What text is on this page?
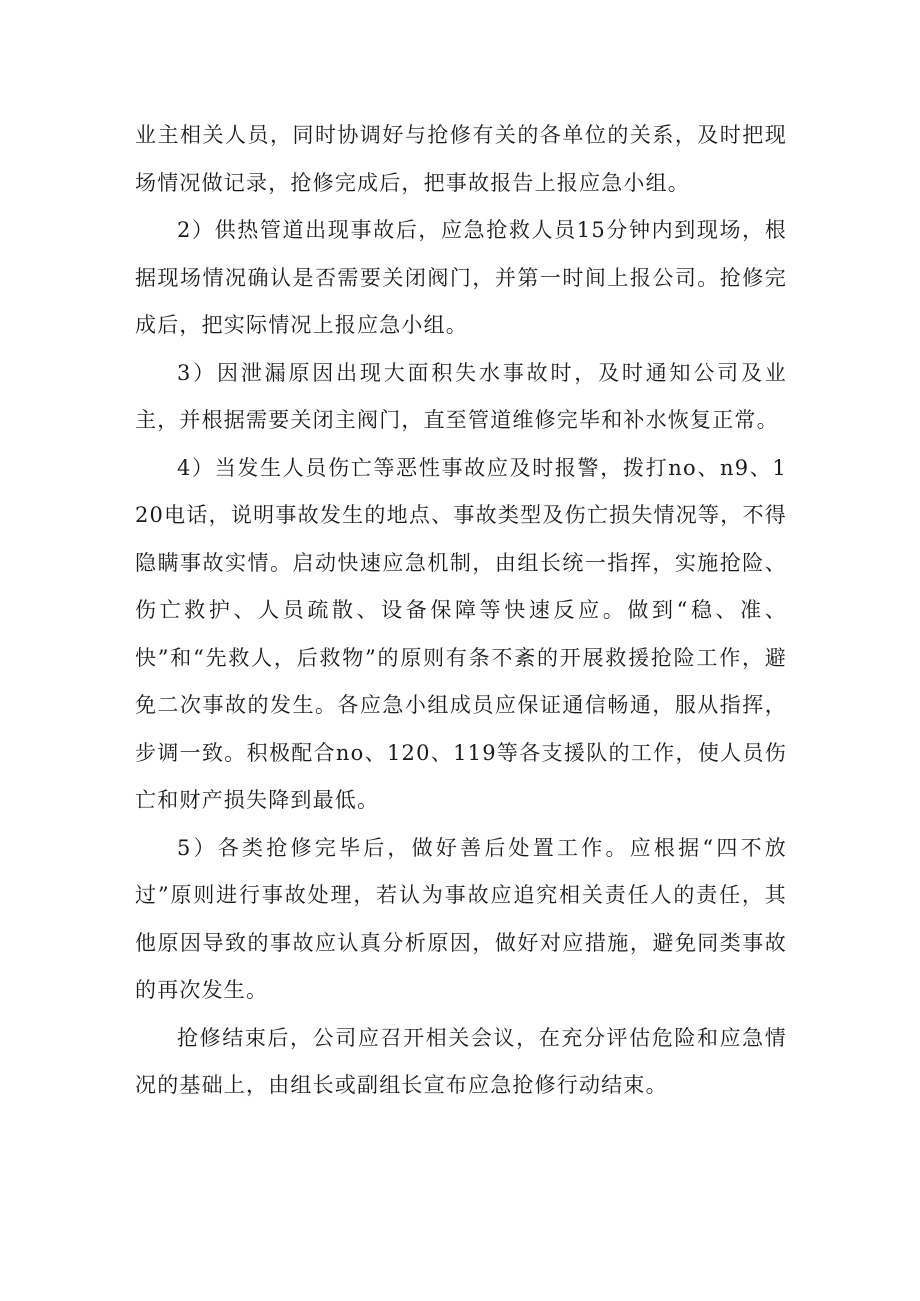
业主相关人员，同时协调好与抢修有关的各单位的关系，及时把现场情况做记录，抢修完成后，把事故报告上报应急小组。

2）供热管道出现事故后，应急抢救人员15分钟内到现场，根据现场情况确认是否需要关闭阀门，并第一时间上报公司。抢修完成后，把实际情况上报应急小组。

3）因泄漏原因出现大面积失水事故时，及时通知公司及业主，并根据需要关闭主阀门，直至管道维修完毕和补水恢复正常。

4）当发生人员伤亡等恶性事故应及时报警，拨打no、n9、120电话，说明事故发生的地点、事故类型及伤亡损失情况等，不得隐瞒事故实情。启动快速应急机制，由组长统一指挥，实施抢险、伤亡救护、人员疏散、设备保障等快速反应。做到“稳、准、快”和“先救人，后救物”的原则有条不紊的开展救援抢险工作，避免二次事故的发生。各应急小组成员应保证通信畅通，服从指挥，步调一致。积极配合no、120、119等各支援队的工作，使人员伤亡和财产损失降到最低。

5）各类抢修完毕后，做好善后处置工作。应根据“四不放过”原则进行事故处理，若认为事故应追究相关责任人的责任，其他原因导致的事故应认真分析原因，做好对应措施，避免同类事故的再次发生。

抢修结束后，公司应召开相关会议，在充分评估危险和应急情况的基础上，由组长或副组长宣布应急抢修行动结束。
